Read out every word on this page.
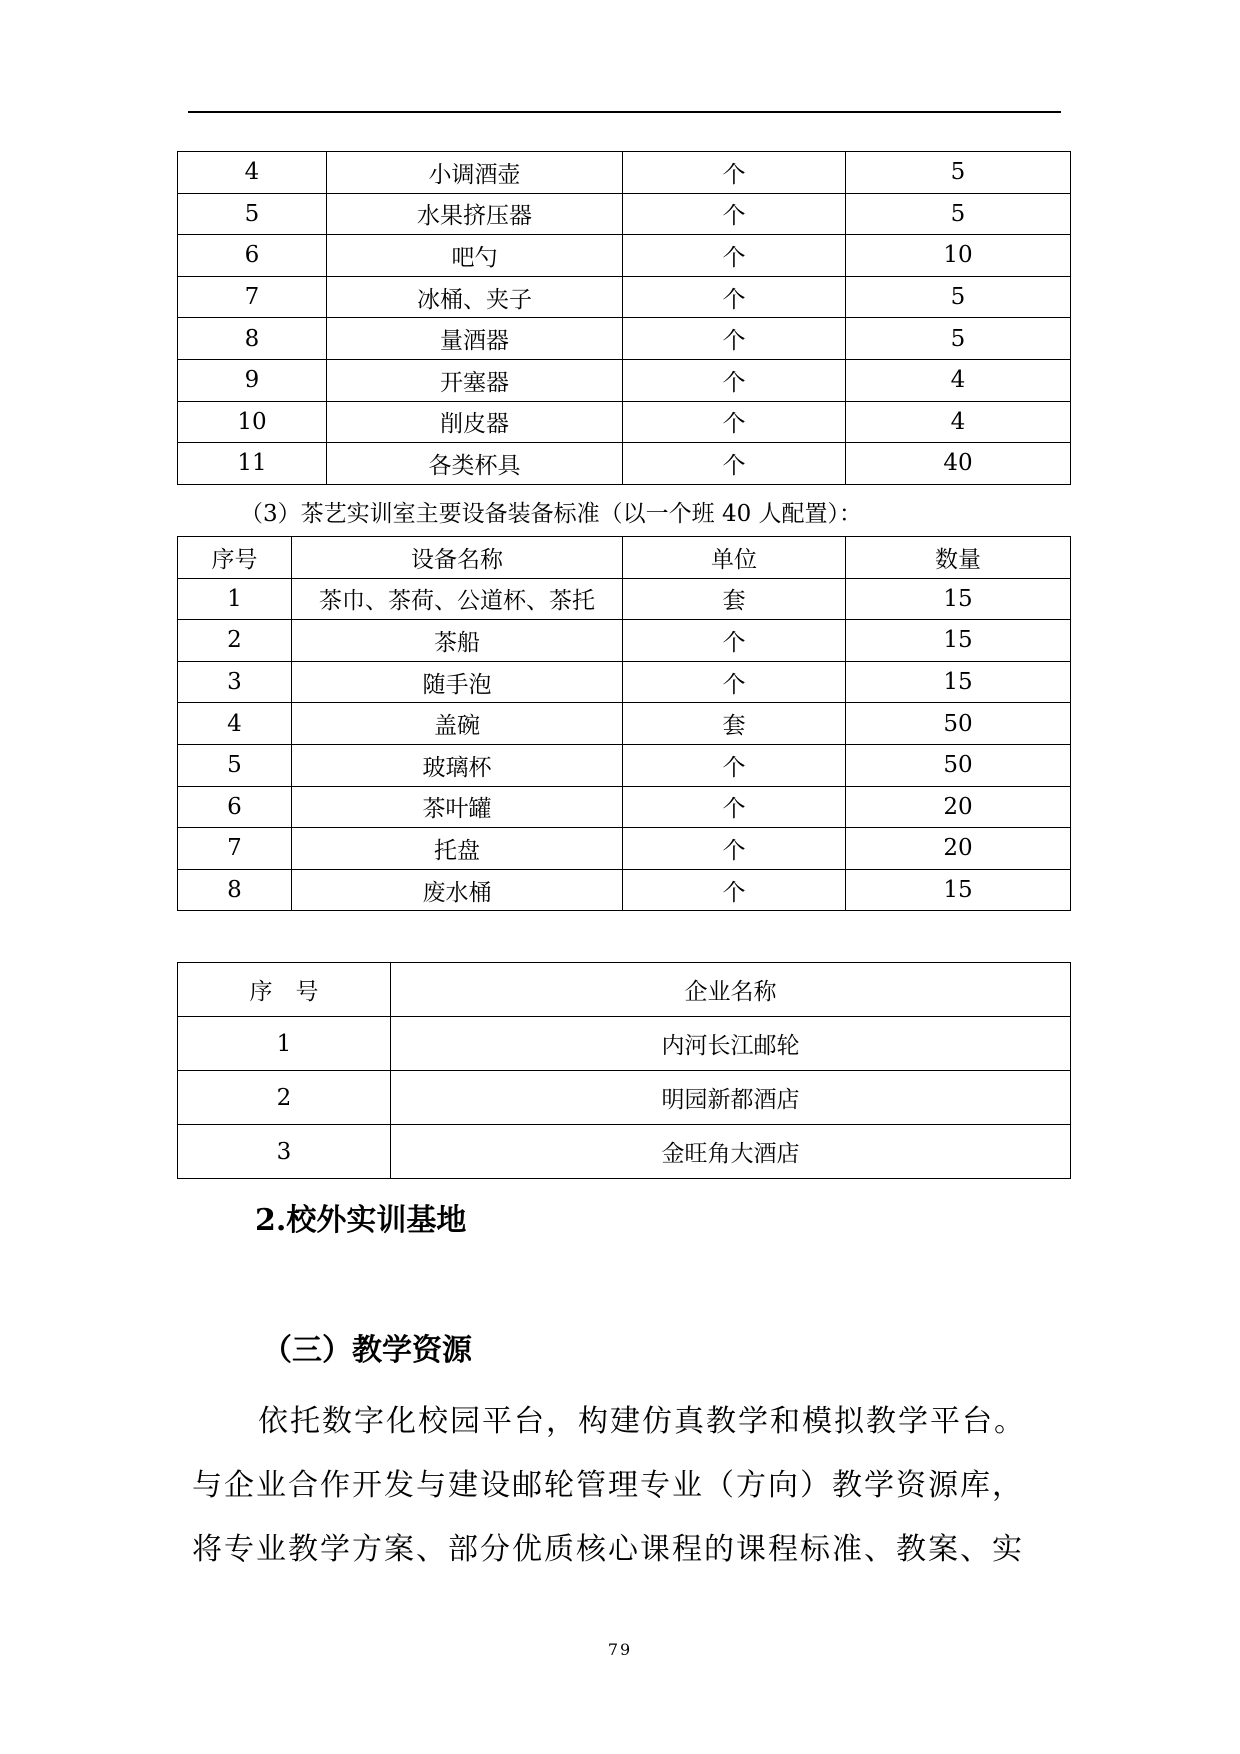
4	小调酒壶	个	5
5	水果挤压器	个	5
6	吧勺	个	10
7	冰桶、夹子	个	5
8	量酒器	个	5
9	开塞器	个	4
10	削皮器	个	4
11	各类杯具	个	40
（3）茶艺实训室主要设备装备标准（以一个班 40 人配置）：
序号	设备名称	单位	数量
1	茶巾、茶荷、公道杯、茶托	套	15
2	茶船	个	15
3	随手泡	个	15
4	盖碗	套	50
5	玻璃杯	个	50
6	茶叶罐	个	20
7	托盘	个	20
8	废水桶	个	15
序　号	企业名称
1	内河长江邮轮
2	明园新都酒店
3	金旺角大酒店
2.校外实训基地
（三）教学资源

依托数字化校园平台，构建仿真教学和模拟教学平台。

与企业合作开发与建设邮轮管理专业（方向）教学资源库，

将专业教学方案、部分优质核心课程的课程标准、教案、实

79
